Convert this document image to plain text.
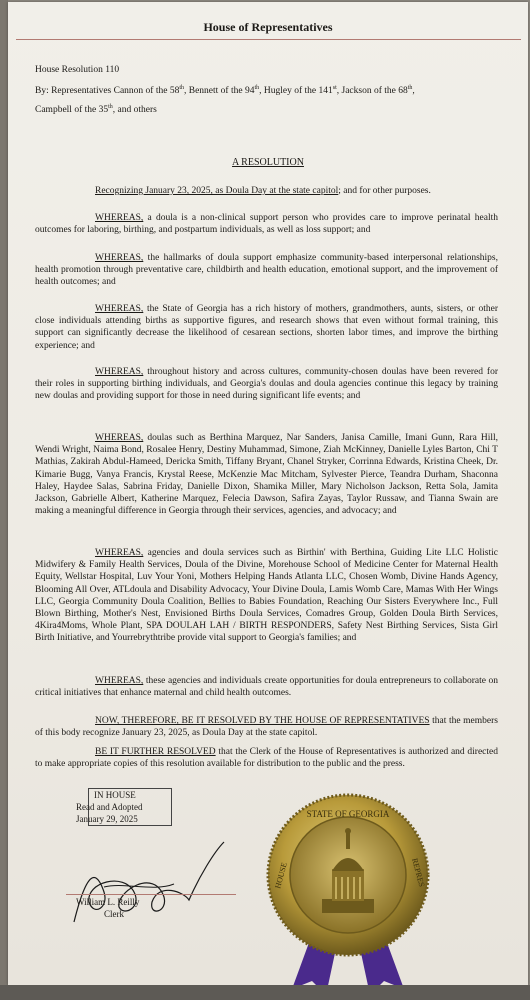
House of Representatives
House Resolution 110
By: Representatives Cannon of the 58th, Bennett of the 94th, Hugley of the 141st, Jackson of the 68th,
Campbell of the 35th, and others
A RESOLUTION
Recognizing January 23, 2025, as Doula Day at the state capitol; and for other purposes.
WHEREAS, a doula is a non-clinical support person who provides care to improve perinatal health outcomes for laboring, birthing, and postpartum individuals, as well as loss support; and
WHEREAS, the hallmarks of doula support emphasize community-based interpersonal relationships, health promotion through preventative care, childbirth and health education, emotional support, and the improvement of health outcomes; and
WHEREAS, the State of Georgia has a rich history of mothers, grandmothers, aunts, sisters, or other close individuals attending births as supportive figures, and research shows that even without formal training, this support can significantly decrease the likelihood of cesarean sections, shorten labor times, and improve the birthing experience; and
WHEREAS, throughout history and across cultures, community-chosen doulas have been revered for their roles in supporting birthing individuals, and Georgia's doulas and doula agencies continue this legacy by training new doulas and providing support for those in need during significant life events; and
WHEREAS, doulas such as Berthina Marquez, Nar Sanders, Janisa Camille, Imani Gunn, Rara Hill, Wendi Wright, Naima Bond, Rosalee Henry, Destiny Muhammad, Simone, Ziah McKinney, Danielle Lyles Barton, Chi T Mathias, Zakirah Abdul-Hameed, Dericka Smith, Tiffany Bryant, Chanel Stryker, Corrinna Edwards, Kristina Cheek, Dr. Kimarie Bugg, Vanya Francis, Krystal Reese, McKenzie Mac Mitcham, Sylvester Pierce, Teandra Durham, Shaconna Haley, Haydee Salas, Sabrina Friday, Danielle Dixon, Shamika Miller, Mary Nicholson Jackson, Retta Sola, Jamita Jackson, Gabrielle Albert, Katherine Marquez, Felecia Dawson, Safira Zayas, Taylor Russaw, and Tianna Swain are making a meaningful difference in Georgia through their services, agencies, and advocacy; and
WHEREAS, agencies and doula services such as Birthin' with Berthina, Guiding Lite LLC Holistic Midwifery & Family Health Services, Doula of the Divine, Morehouse School of Medicine Center for Maternal Health Equity, Wellstar Hospital, Luv Your Yoni, Mothers Helping Hands Atlanta LLC, Chosen Womb, Divine Hands Agency, Blooming All Over, ATLdoula and Disability Advocacy, Your Divine Doula, Lamis Womb Care, Mamas With Her Wings LLC, Georgia Community Doula Coalition, Bellies to Babies Foundation, Reaching Our Sisters Everywhere Inc., Full Blown Birthing, Mother's Nest, Envisioned Births Doula Services, Comadres Group, Golden Doula Birth Services, 4Kira4Moms, Whole Plant, SPA DOULAH LAH / BIRTH RESPONDERS, Safety Nest Birthing Services, Sista Girl Birth Initiative, and Yourrebrythtribe provide vital support to Georgia's families; and
WHEREAS, these agencies and individuals create opportunities for doula entrepreneurs to collaborate on critical initiatives that enhance maternal and child health outcomes.
NOW, THEREFORE, BE IT RESOLVED BY THE HOUSE OF REPRESENTATIVES that the members of this body recognize January 23, 2025, as Doula Day at the state capitol.
BE IT FURTHER RESOLVED that the Clerk of the House of Representatives is authorized and directed to make appropriate copies of this resolution available for distribution to the public and the press.
IN HOUSE
Read and Adopted
January 29, 2025
William L. Reilly
Clerk
STATE OF GEORGIA
HOUSE	REPRES
